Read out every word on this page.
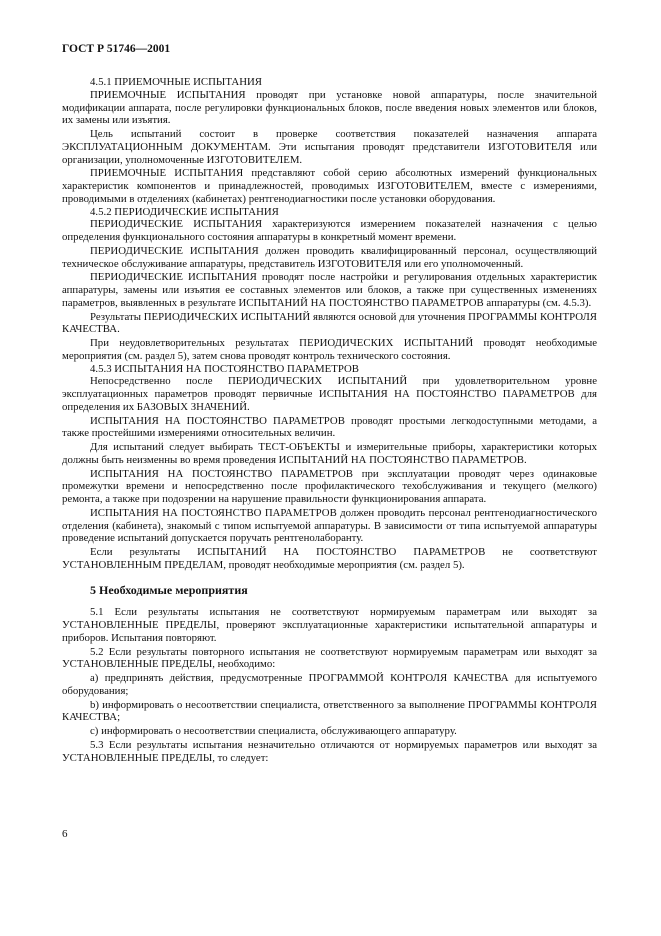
ГОСТ Р 51746—2001

4.5.1 ПРИЕМОЧНЫЕ ИСПЫТАНИЯ

ПРИЕМОЧНЫЕ ИСПЫТАНИЯ проводят при установке новой аппаратуры, после значительной модификации аппарата, после регулировки функциональных блоков, после введения новых элементов или блоков, их замены или изъятия.

Цель испытаний состоит в проверке соответствия показателей назначения аппарата ЭКСПЛУАТАЦИОННЫМ ДОКУМЕНТАМ. Эти испытания проводят представители ИЗГОТОВИТЕЛЯ или организации, уполномоченные ИЗГОТОВИТЕЛЕМ.

ПРИЕМОЧНЫЕ ИСПЫТАНИЯ представляют собой серию абсолютных измерений функциональных характеристик компонентов и принадлежностей, проводимых ИЗГОТОВИТЕЛЕМ, вместе с измерениями, проводимыми в отделениях (кабинетах) рентгенодиагностики после установки оборудования.

4.5.2 ПЕРИОДИЧЕСКИЕ ИСПЫТАНИЯ

ПЕРИОДИЧЕСКИЕ ИСПЫТАНИЯ характеризуются измерением показателей назначения с целью определения функционального состояния аппаратуры в конкретный момент времени.

ПЕРИОДИЧЕСКИЕ ИСПЫТАНИЯ должен проводить квалифицированный персонал, осуществляющий техническое обслуживание аппаратуры, представитель ИЗГОТОВИТЕЛЯ или его уполномоченный.

ПЕРИОДИЧЕСКИЕ ИСПЫТАНИЯ проводят после настройки и регулирования отдельных характеристик аппаратуры, замены или изъятия ее составных элементов или блоков, а также при существенных изменениях параметров, выявленных в результате ИСПЫТАНИЙ НА ПОСТОЯНСТВО ПАРАМЕТРОВ аппаратуры (см. 4.5.3).

Результаты ПЕРИОДИЧЕСКИХ ИСПЫТАНИЙ являются основой для уточнения ПРОГРАММЫ КОНТРОЛЯ КАЧЕСТВА.

При неудовлетворительных результатах ПЕРИОДИЧЕСКИХ ИСПЫТАНИЙ проводят необходимые мероприятия (см. раздел 5), затем снова проводят контроль технического состояния.

4.5.3 ИСПЫТАНИЯ НА ПОСТОЯНСТВО ПАРАМЕТРОВ

Непосредственно после ПЕРИОДИЧЕСКИХ ИСПЫТАНИЙ при удовлетворительном уровне эксплуатационных параметров проводят первичные ИСПЫТАНИЯ НА ПОСТОЯНСТВО ПАРАМЕТРОВ для определения их БАЗОВЫХ ЗНАЧЕНИЙ.

ИСПЫТАНИЯ НА ПОСТОЯНСТВО ПАРАМЕТРОВ проводят простыми легкодоступными методами, а также простейшими измерениями относительных величин.

Для испытаний следует выбирать ТЕСТ-ОБЪЕКТЫ и измерительные приборы, характеристики которых должны быть неизменны во время проведения ИСПЫТАНИЙ НА ПОСТОЯНСТВО ПАРАМЕТРОВ.

ИСПЫТАНИЯ НА ПОСТОЯНСТВО ПАРАМЕТРОВ при эксплуатации проводят через одинаковые промежутки времени и непосредственно после профилактического техобслуживания и текущего (мелкого) ремонта, а также при подозрении на нарушение правильности функционирования аппарата.

ИСПЫТАНИЯ НА ПОСТОЯНСТВО ПАРАМЕТРОВ должен проводить персонал рентгенодиагностического отделения (кабинета), знакомый с типом испытуемой аппаратуры. В зависимости от типа испытуемой аппаратуры проведение испытаний допускается поручать рентгенолаборанту.

Если результаты ИСПЫТАНИЙ НА ПОСТОЯНСТВО ПАРАМЕТРОВ не соответствуют УСТАНОВЛЕННЫМ ПРЕДЕЛАМ, проводят необходимые мероприятия (см. раздел 5).

5 Необходимые мероприятия

5.1 Если результаты испытания не соответствуют нормируемым параметрам или выходят за УСТАНОВЛЕННЫЕ ПРЕДЕЛЫ, проверяют эксплуатационные характеристики испытательной аппаратуры и приборов. Испытания повторяют.

5.2 Если результаты повторного испытания не соответствуют нормируемым параметрам или выходят за УСТАНОВЛЕННЫЕ ПРЕДЕЛЫ, необходимо:

a) предпринять действия, предусмотренные ПРОГРАММОЙ КОНТРОЛЯ КАЧЕСТВА для испытуемого оборудования;

b) информировать о несоответствии специалиста, ответственного за выполнение ПРОГРАММЫ КОНТРОЛЯ КАЧЕСТВА;

c) информировать о несоответствии специалиста, обслуживающего аппаратуру.

5.3 Если результаты испытания незначительно отличаются от нормируемых параметров или выходят за УСТАНОВЛЕННЫЕ ПРЕДЕЛЫ, то следует:

6
